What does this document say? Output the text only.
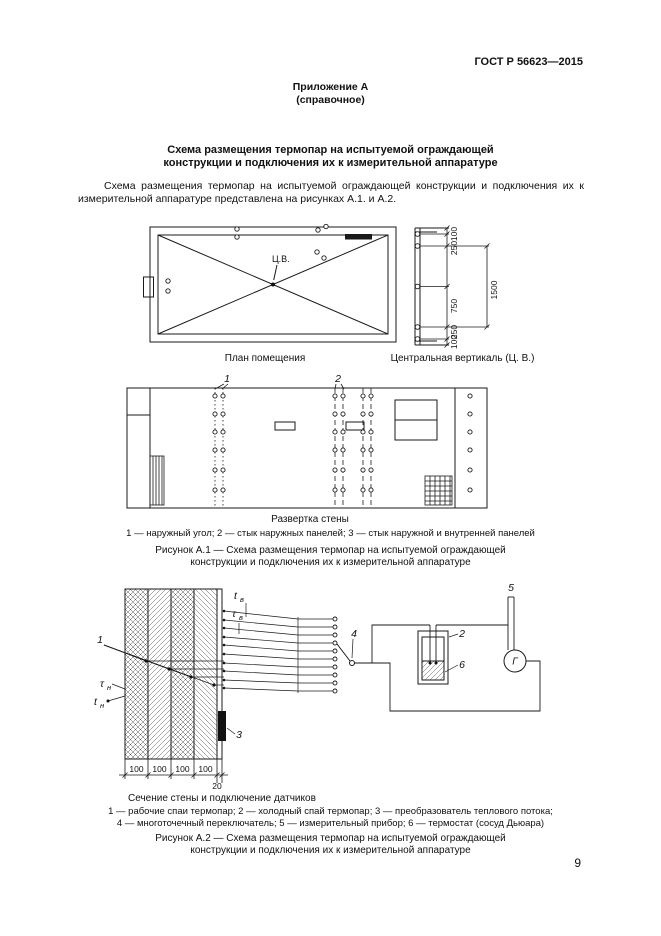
ГОСТ Р 56623—2015
Приложение А
(справочное)
Схема размещения термопар на испытуемой ограждающей
конструкции и подключения их к измерительной аппаратуре
Схема размещения термопар на испытуемой ограждающей конструкции и подключения их к измерительной аппаратуре представлена на рисунках А.1. и А.2.
Ц.В.
100
250
750
1500
250
100
План помещения	Центральная вертикаль (Ц. В.)
1	2
Развертка стены
1 — наружный угол; 2 — стык наружных панелей; 3 — стык наружной и внутренней панелей
Рисунок А.1 — Схема размещения термопар на испытуемой ограждающей
конструкции и подключения их к измерительной аппаратуре
Г
t в
τ в
τ н
t н
1	2
3
4
5
6
100 100 100 100
20
Сечение стены и подключение датчиков
1 — рабочие спаи термопар; 2 — холодный спай термопар; 3 — преобразователь теплового потока;
4 — многоточечный переключатель; 5 — измерительный прибор; 6 — термостат (сосуд Дьюара)
Рисунок А.2 — Схема размещения термопар на испытуемой ограждающей
конструкции и подключения их к измерительной аппаратуре
9
